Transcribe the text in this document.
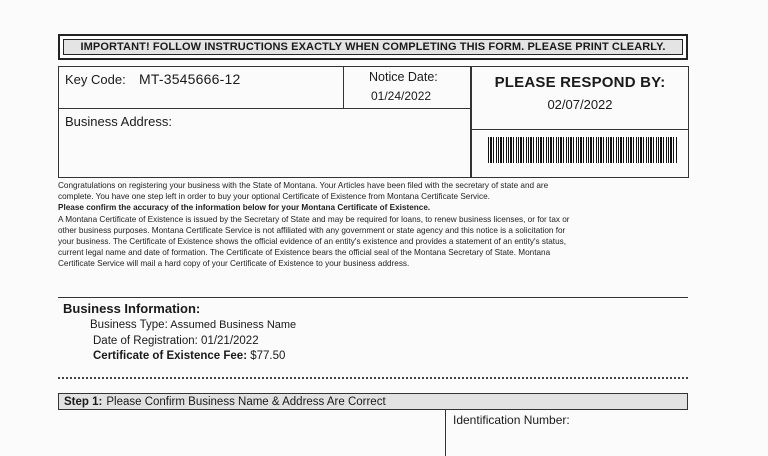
IMPORTANT! FOLLOW INSTRUCTIONS EXACTLY WHEN COMPLETING THIS FORM. PLEASE PRINT CLEARLY.
Key Code: MT-3545666-12	Notice Date:
01/24/2022
Business Address:
PLEASE RESPOND BY:
02/07/2022
Congratulations on registering your business with the State of Montana. Your Articles have been filed with the secretary of state and are
complete. You have one step left in order to buy your optional Certificate of Existence from Montana Certificate Service.
Please confirm the accuracy of the information below for your Montana Certificate of Existence.
A Montana Certificate of Existence is issued by the Secretary of State and may be required for loans, to renew business licenses, or for tax or
other business purposes. Montana Certificate Service is not affiliated with any government or state agency and this notice is a solicitation for
your business. The Certificate of Existence shows the official evidence of an entity's existence and provides a statement of an entity's status,
current legal name and date of formation. The Certificate of Existence bears the official seal of the Montana Secretary of State. Montana
Certificate Service will mail a hard copy of your Certificate of Existence to your business address.
Business Information:
Business Type: Assumed Business Name
Date of Registration: 01/21/2022
Certificate of Existence Fee: $77.50
Step 1: Please Confirm Business Name & Address Are Correct
Identification Number:
